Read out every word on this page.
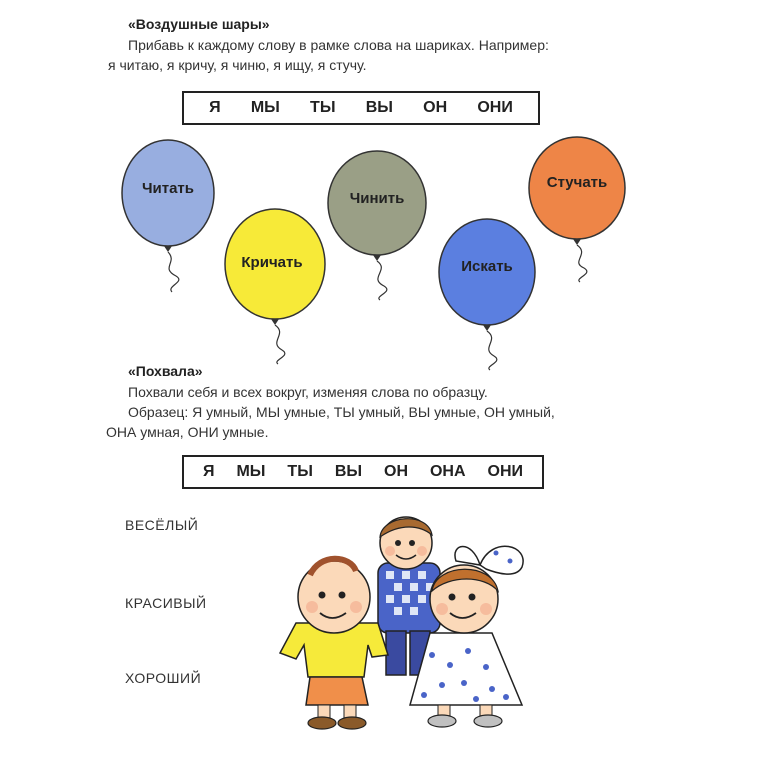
«Воздушные шары»
Прибавь к каждому слову в рамке слова на шариках. Например:
я читаю, я кричу, я чиню, я ищу, я стучу.
Я МЫ ТЫ ВЫ ОН ОНИ
Читать
Кричать
Чинить
Искать
Стучать
«Похвала»
Похвали себя и всех вокруг, изменяя слова по образцу.
Образец: Я умный, МЫ умные, ТЫ умный, ВЫ умные, ОН умный,
ОНА умная, ОНИ умные.
Я МЫ ТЫ ВЫ ОН ОНА ОНИ
ВЕСЁЛЫЙ
КРАСИВЫЙ
ХОРОШИЙ
